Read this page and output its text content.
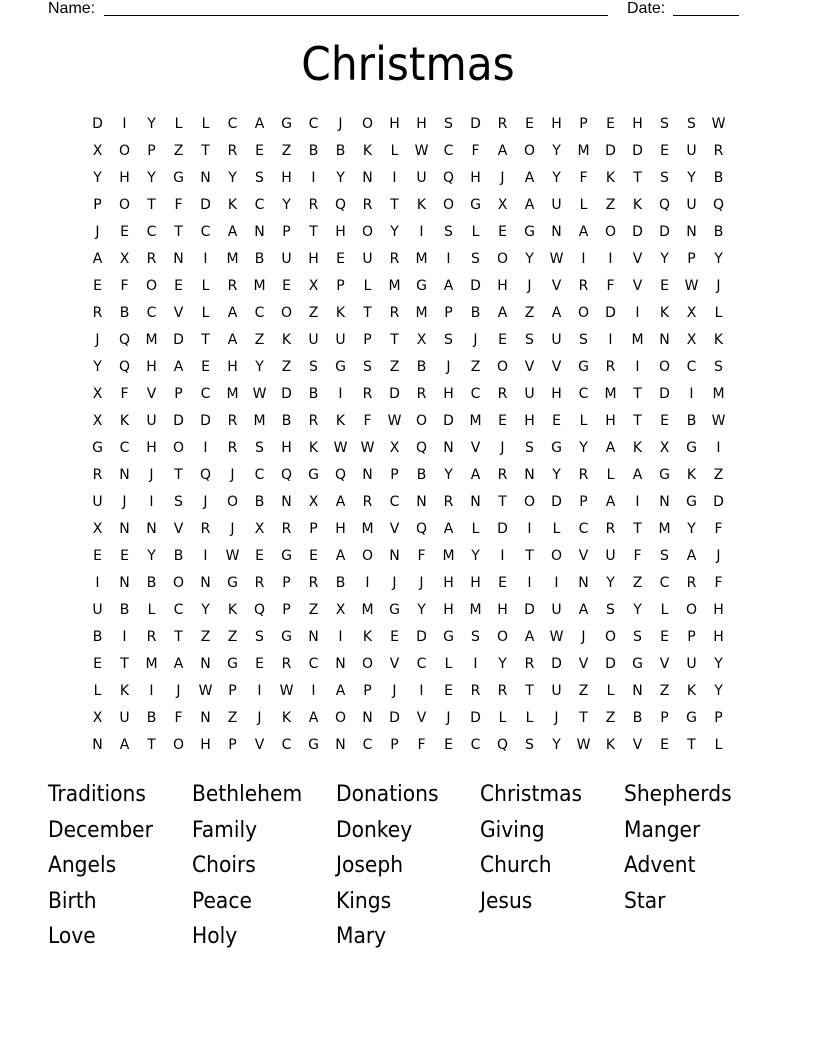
Name:	Date:
Christmas
D	I	Y	L	L	C	A	G	C	J	O	H	H	S	D	R	E	H	P	E	H	S	S	W
X	O	P	Z	T	R	E	Z	B	B	K	L	W	C	F	A	O	Y	M	D	D	E	U	R
Y	H	Y	G	N	Y	S	H	I	Y	N	I	U	Q	H	J	A	Y	F	K	T	S	Y	B
P	O	T	F	D	K	C	Y	R	Q	R	T	K	O	G	X	A	U	L	Z	K	Q	U	Q
J	E	C	T	C	A	N	P	T	H	O	Y	I	S	L	E	G	N	A	O	D	D	N	B
A	X	R	N	I	M	B	U	H	E	U	R	M	I	S	O	Y	W	I	I	V	Y	P	Y
E	F	O	E	L	R	M	E	X	P	L	M	G	A	D	H	J	V	R	F	V	E	W	J
R	B	C	V	L	A	C	O	Z	K	T	R	M	P	B	A	Z	A	O	D	I	K	X	L
J	Q	M	D	T	A	Z	K	U	U	P	T	X	S	J	E	S	U	S	I	M	N	X	K
Y	Q	H	A	E	H	Y	Z	S	G	S	Z	B	J	Z	O	V	V	G	R	I	O	C	S
X	F	V	P	C	M	W	D	B	I	R	D	R	H	C	R	U	H	C	M	T	D	I	M
X	K	U	D	D	R	M	B	R	K	F	W	O	D	M	E	H	E	L	H	T	E	B	W
G	C	H	O	I	R	S	H	K	W W	X	Q	N	V	J	S	G	Y	A	K	X	G	I
R	N	J	T	Q	J	C	Q	G	Q	N	P	B	Y	A	R	N	Y	R	L	A	G	K	Z
U	J	I	S	J	O	B	N	X	A	R	C	N	R	N	T	O	D	P	A	I	N	G	D
X	N	N	V	R	J	X	R	P	H	M	V	Q	A	L	D	I	L	C	R	T	M	Y	F
E	E	Y	B	I	W	E	G	E	A	O	N	F	M	Y	I	T	O	V	U	F	S	A	J
I	N	B	O	N	G	R	P	R	B	I	J	J	H	H	E	I	I	N	Y	Z	C	R	F
U	B	L	C	Y	K	Q	P	Z	X	M	G	Y	H	M	H	D	U	A	S	Y	L	O	H
B	I	R	T	Z	Z	S	G	N	I	K	E	D	G	S	O	A	W	J	O	S	E	P	H
E	T	M	A	N	G	E	R	C	N	O	V	C	L	I	Y	R	D	V	D	G	V	U	Y
L	K	I	J	W	P	I	W	I	A	P	J	I	E	R	R	T	U	Z	L	N	Z	K	Y
X	U	B	F	N	Z	J	K	A	O	N	D	V	J	D	L	L	J	T	Z	B	P	G	P
N	A	T	O	H	P	V	C	G	N	C	P	F	E	C	Q	S	Y	W	K	V	E	T	L
Traditions	Bethlehem	Donations	Christmas	Shepherds
December	Family	Donkey	Giving	Manger
Angels	Choirs	Joseph	Church	Advent
Birth	Peace	Kings	Jesus	Star
Love	Holy	Mary
